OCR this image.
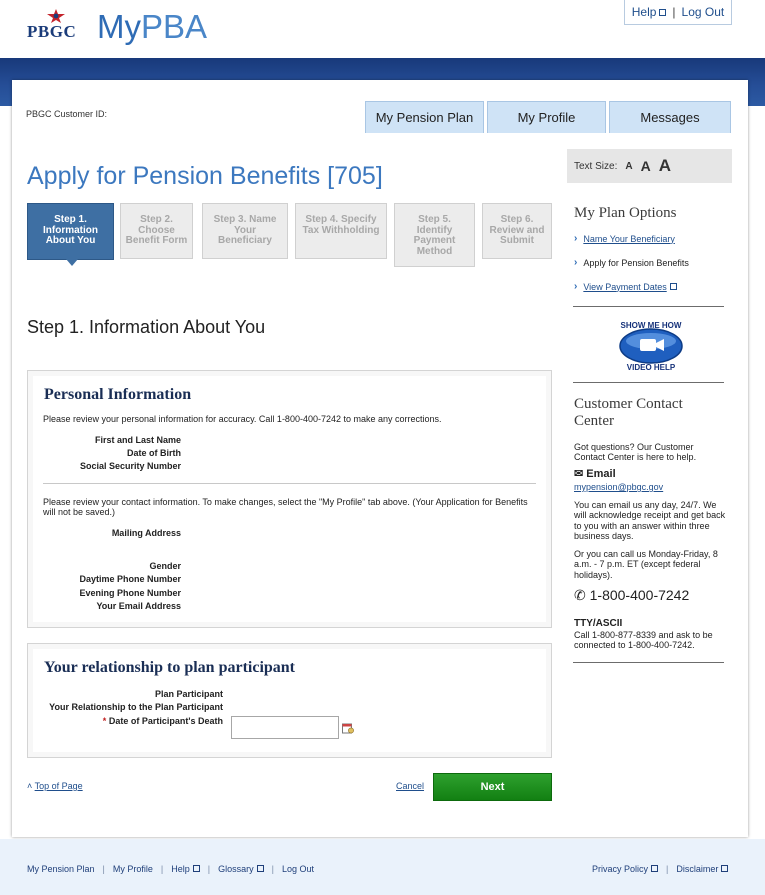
PBGC MyPBA	Help	| Log Out
PBGC Customer ID:	My Pension Plan	My Profile	Messages
Apply for Pension Benefits [705]	Text Size: A A A
Step 1.
Information
About You
Step 2.
Choose
Benefit Form
Step 3. Name
Your
Beneficiary
Step 4. Specify
Tax Withholding
Step 5.
Identify
Payment
Method
Step 6.
Review and
Submit
Step 1. Information About You
Personal Information
Please review your personal information for accuracy. Call 1-800-400-7242 to make any corrections.
First and Last Name
Date of Birth
Social Security Number
Please review your contact information. To make changes, select the "My Profile" tab above. (Your Application for Benefits will not be saved.)
Mailing Address
Gender
Daytime Phone Number
Evening Phone Number
Your Email Address
Your relationship to plan participant
Plan Participant
Your Relationship to the Plan Participant
* Date of Participant's Death
˄ Top of Page	Cancel	Next
My Plan Options
› Name Your Beneficiary
› Apply for Pension Benefits
› View Payment Dates
SHOW ME HOW
VIDEO HELP
Customer Contact Center
Got questions? Our Customer Contact Center is here to help.
✉ Email
mypension@pbgc.gov
You can email us any day, 24/7. We will acknowledge receipt and get back to you with an answer within three business days.
Or you can call us Monday-Friday, 8 a.m. - 7 p.m. ET (except federal holidays).
✆ 1-800-400-7242
TTY/ASCII
Call 1-800-877-8339 and ask to be connected to 1-800-400-7242.
My Pension Plan | My Profile | Help	| Glossary	| Log Out	Privacy Policy	| Disclaimer
